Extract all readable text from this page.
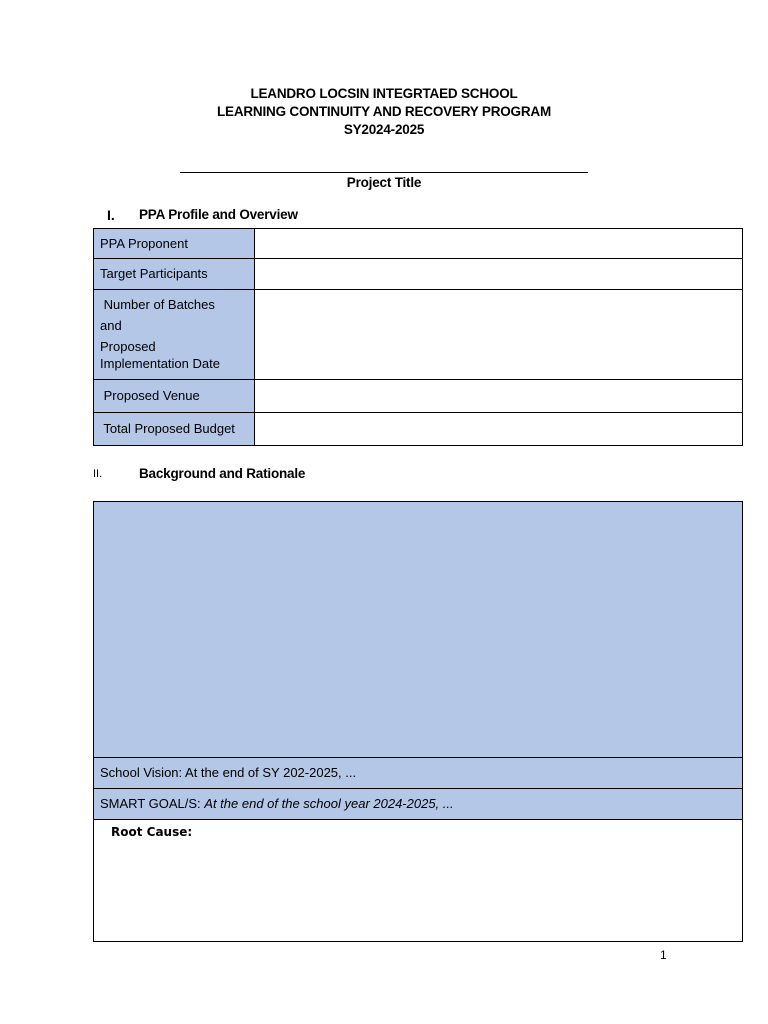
LEANDRO LOCSIN INTEGRTAED SCHOOL
LEARNING CONTINUITY AND RECOVERY PROGRAM
SY2024-2025
Project Title
I. PPA Profile and Overview
PPA Proponent
Target Participants
Number of Batches
and
Proposed
Implementation Date
Proposed Venue
Total Proposed Budget
II.	Background and Rationale
School Vision: At the end of SY 202-2025, ...
SMART GOAL/S: At the end of the school year 2024-2025, ...
Root Cause:
1
